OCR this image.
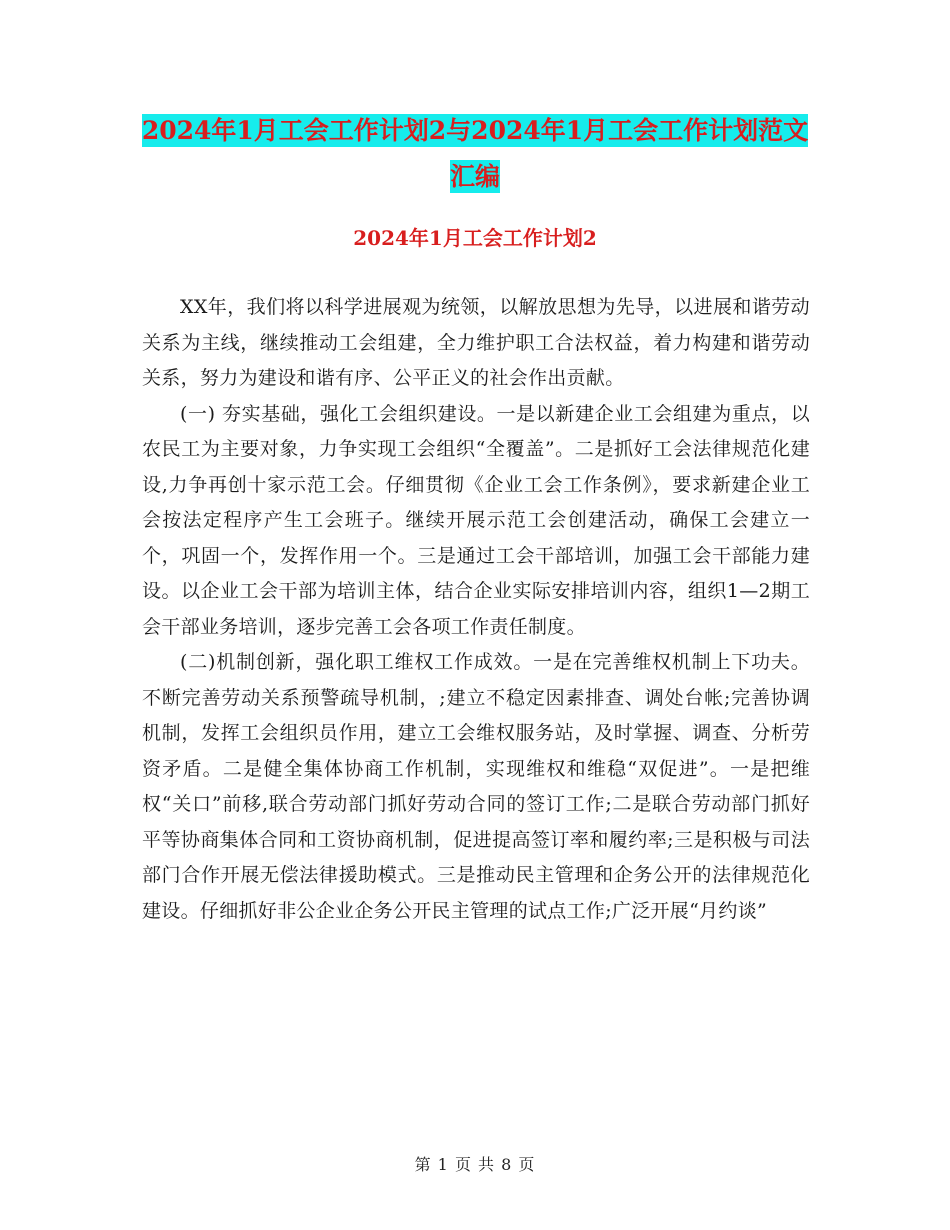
2024年1月工会工作计划2与2024年1月工会工作计划范文汇编
2024年1月工会工作计划2

XX年，我们将以科学进展观为统领，以解放思想为先导，以进展和谐劳动关系为主线，继续推动工会组建，全力维护职工合法权益，着力构建和谐劳动关系，努力为建设和谐有序、公平正义的社会作出贡献。

(一) 夯实基础，强化工会组织建设。一是以新建企业工会组建为重点，以农民工为主要对象，力争实现工会组织“全覆盖”。二是抓好工会法律规范化建设,力争再创十家示范工会。仔细贯彻《企业工会工作条例》，要求新建企业工会按法定程序产生工会班子。继续开展示范工会创建活动，确保工会建立一个，巩固一个，发挥作用一个。三是通过工会干部培训，加强工会干部能力建设。以企业工会干部为培训主体，结合企业实际安排培训内容，组织1—2期工会干部业务培训，逐步完善工会各项工作责任制度。

(二)机制创新，强化职工维权工作成效。一是在完善维权机制上下功夫。不断完善劳动关系预警疏导机制，;建立不稳定因素排查、调处台帐;完善协调机制，发挥工会组织员作用，建立工会维权服务站，及时掌握、调查、分析劳资矛盾。二是健全集体协商工作机制，实现维权和维稳“双促进”。一是把维权“关口”前移,联合劳动部门抓好劳动合同的签订工作;二是联合劳动部门抓好平等协商集体合同和工资协商机制，促进提高签订率和履约率;三是积极与司法部门合作开展无偿法律援助模式。三是推动民主管理和企务公开的法律规范化建设。仔细抓好非公企业企务公开民主管理的试点工作;广泛开展“月约谈”

第 1 页 共 8 页
